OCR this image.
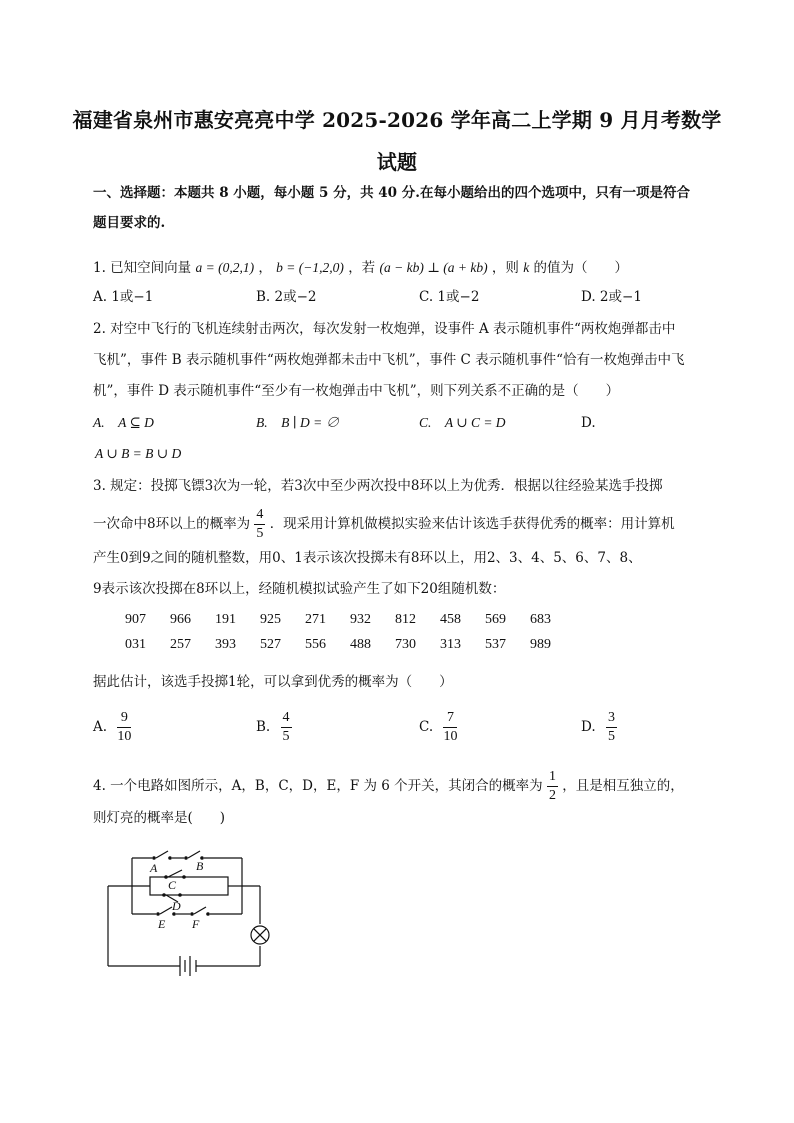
福建省泉州市惠安亮亮中学 2025-2026 学年高二上学期 9 月月考数学
试题
一、选择题：本题共 8 小题，每小题 5 分，共 40 分.在每小题给出的四个选项中，只有一项是符合
题目要求的.
1. 已知空间向量 a = (0,2,1) ， b = (−1,2,0) ，若 (a − kb) ⊥ (a + kb) ，则 k 的值为（　　）
A. 1或−1	B. 2或−2	C. 1或−2	D. 2或−1
2. 对空中飞行的飞机连续射击两次，每次发射一枚炮弹，设事件 A 表示随机事件“两枚炮弹都击中
飞机”，事件 B 表示随机事件“两枚炮弹都未击中飞机”，事件 C 表示随机事件“恰有一枚炮弹击中飞
机”，事件 D 表示随机事件“至少有一枚炮弹击中飞机”，则下列关系不正确的是（　　）
A.　A ⊆ D	B.　B ∣ D = ∅	C.　A ∪ C = D	D.
A ∪ B = B ∪ D
3. 规定：投掷飞镖3次为一轮，若3次中至少两次投中8环以上为优秀．根据以往经验某选手投掷
一次命中8环以上的概率为 $\frac{4}{5}$ ．现采用计算机做模拟实验来估计该选手获得优秀的概率：用计算机
产生0到9之间的随机整数，用0、1表示该次投掷未有8环以上，用2、3、4、5、6、7、8、
9表示该次投掷在8环以上，经随机模拟试验产生了如下20组随机数：
907 966 191 925 271 932 812 458 569 683
031 257 393 527 556 488 730 313 537 989
据此估计，该选手投掷1轮，可以拿到优秀的概率为（　　）
A. $\frac{9}{10}$	B. $\frac{4}{5}$	C. $\frac{7}{10}$	D. $\frac{3}{5}$
4. 一个电路如图所示，A，B，C，D，E，F 为 6 个开关，其闭合的概率为 $\frac{1}{2}$ ，且是相互独立的，
则灯亮的概率是(　　)
A	B
C
D
E F
